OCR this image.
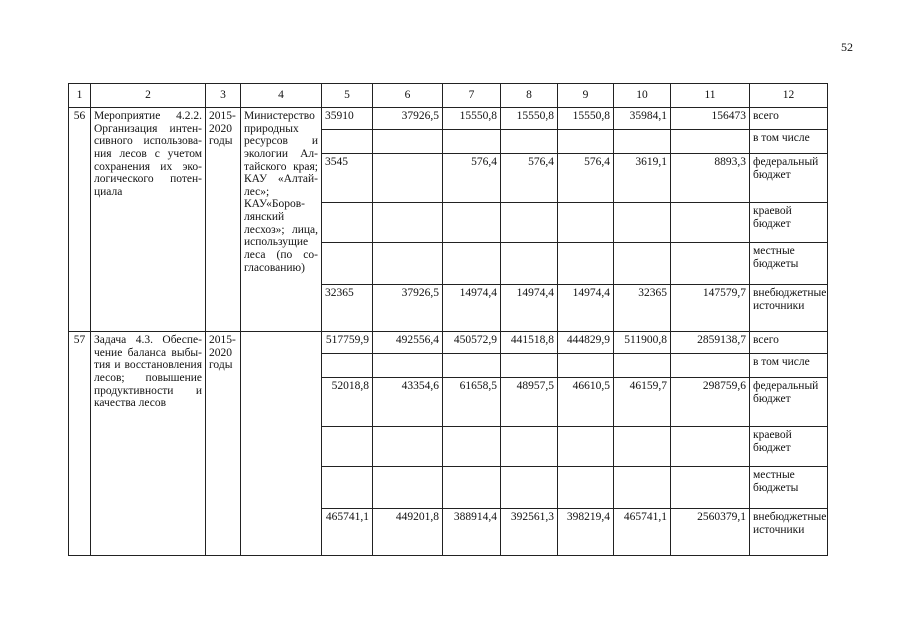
52
1	2	3	4	5	6	7	8	9	10	11	12
56	Мероприятие 4.2.2. Организация интенсивного использования лесов с учетом сохранения их экологического потенциала	2015-2020 годы	Министерство природных ресурсов и экологии Алтайского края; КАУ «Алтайлес»; КАУ«Боровлянский лесхоз»; лица, использущие леса (по согласованию)	35910	37926,5	15550,8	15550,8	15550,8	35984,1	156473	всего
											в том числе
				3545		576,4	576,4	576,4	3619,1	8893,3	федеральный бюджет
											краевой бюджет
											местные бюджеты
				32365	37926,5	14974,4	14974,4	14974,4	32365	147579,7	внебюджетные источники
57	Задача 4.3. Обеспечение баланса выбытия и восстановления лесов; повышение продуктивности и качества лесов	2015-2020 годы		517759,9	492556,4	450572,9	441518,8	444829,9	511900,8	2859138,7	всего
											в том числе
				52018,8	43354,6	61658,5	48957,5	46610,5	46159,7	298759,6	федеральный бюджет
											краевой бюджет
											местные бюджеты
				465741,1	449201,8	388914,4	392561,3	398219,4	465741,1	2560379,1	внебюджетные источники
